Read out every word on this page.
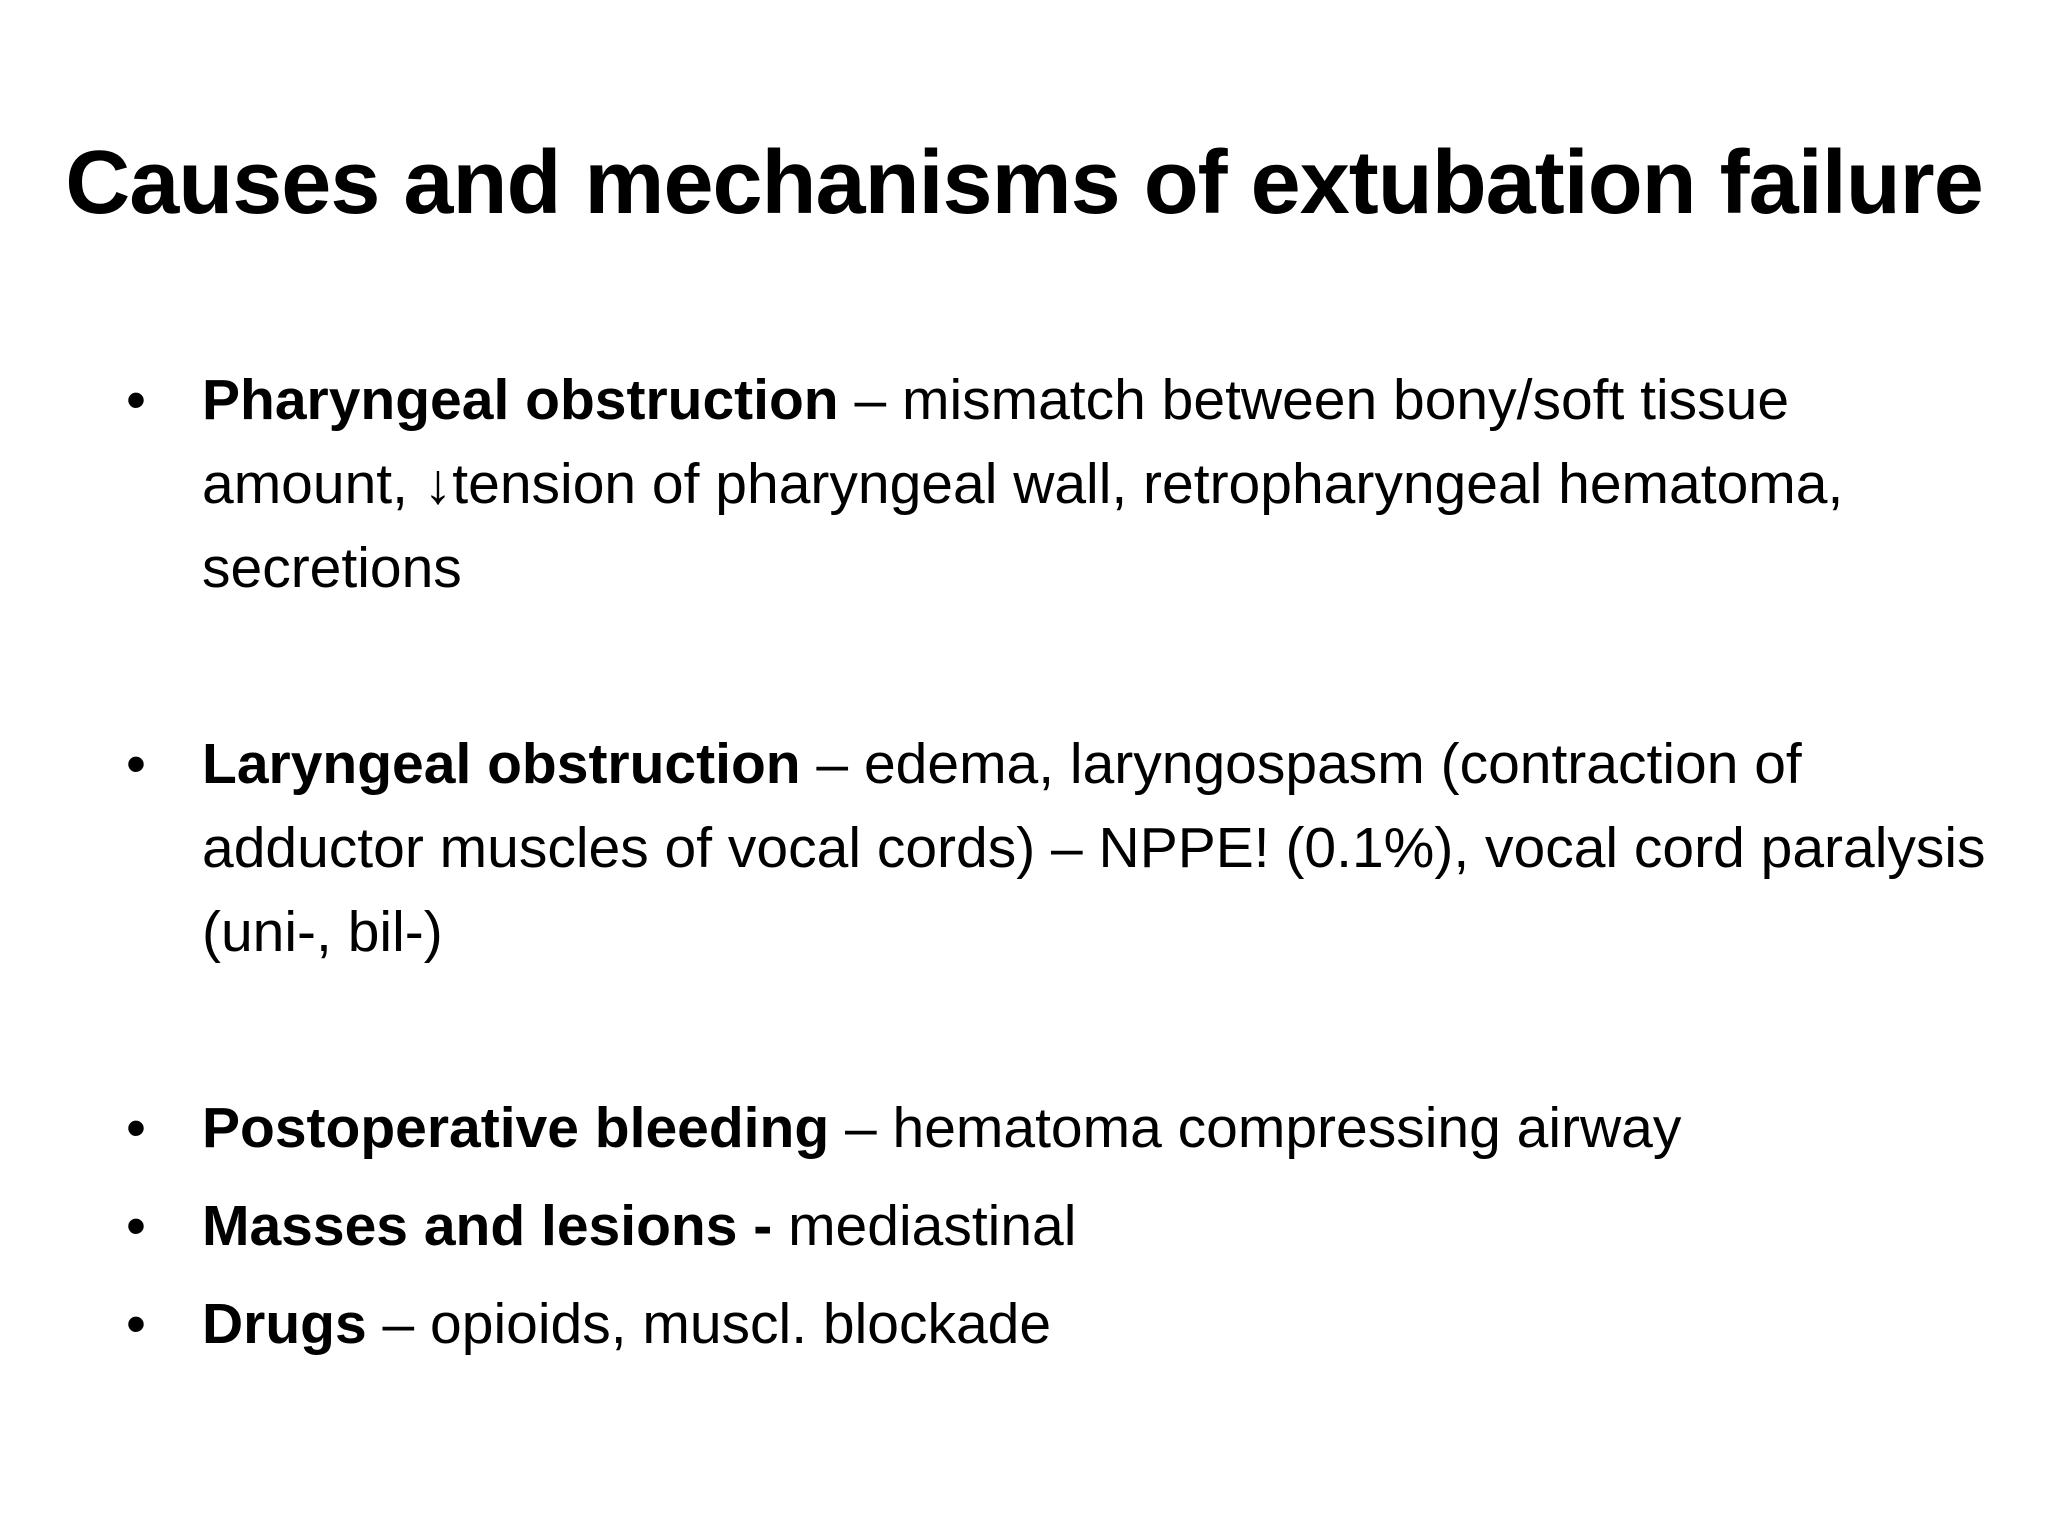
Causes and mechanisms of extubation failure
• Pharyngeal obstruction – mismatch between bony/soft tissue amount, ↓tension of pharyngeal wall, retropharyngeal hematoma, secretions
• Laryngeal obstruction – edema, laryngospasm (contraction of adductor muscles of vocal cords) – NPPE! (0.1%), vocal cord paralysis (uni-, bil-)
• Postoperative bleeding – hematoma compressing airway
• Masses and lesions - mediastinal
• Drugs – opioids, muscl. blockade
